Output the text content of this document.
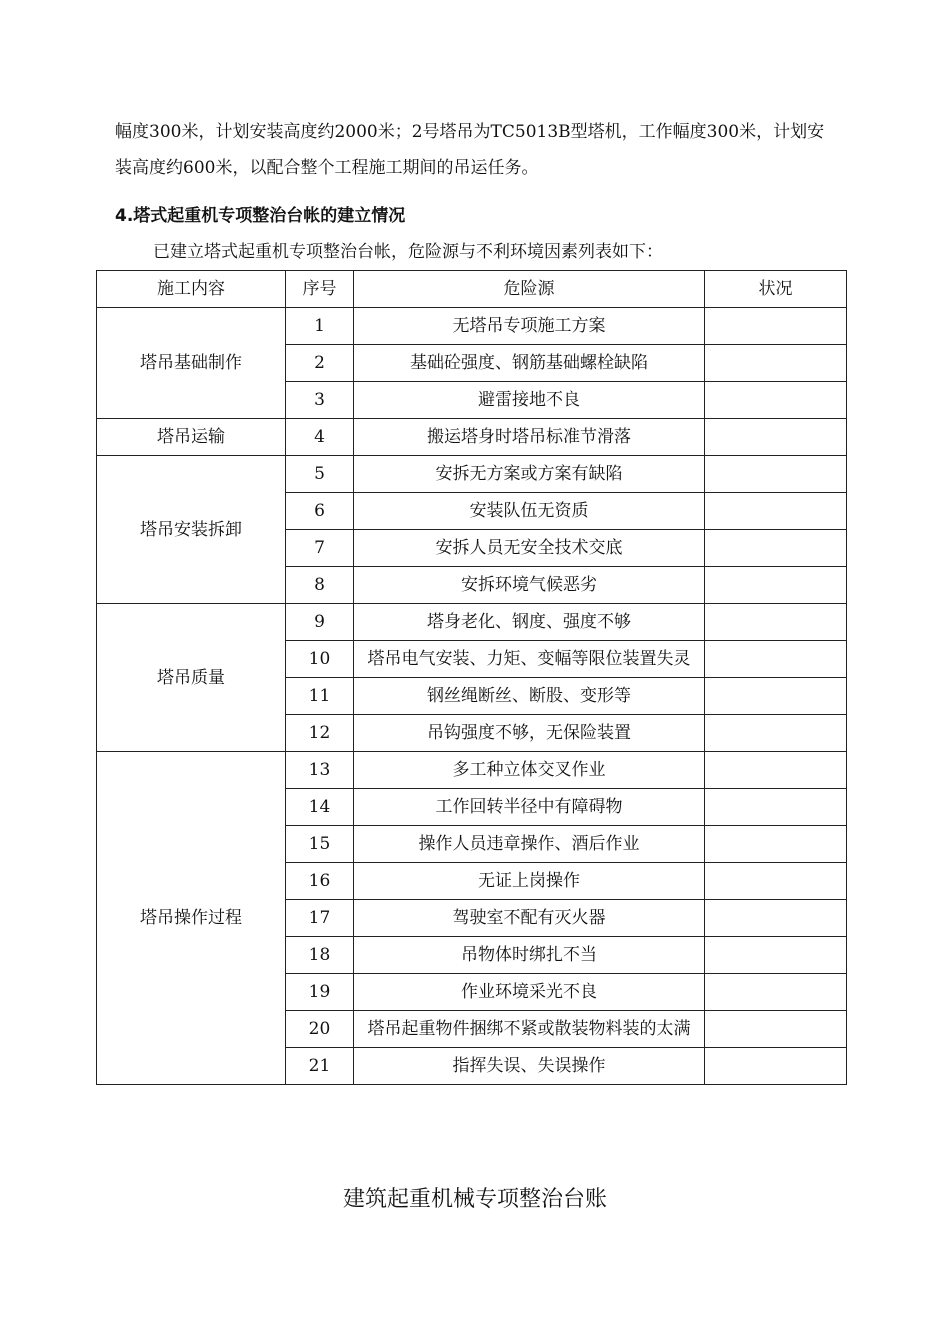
幅度300米，计划安装高度约2000米；2号塔吊为TC5013B型塔机，工作幅度300米，计划安

装高度约600米，以配合整个工程施工期间的吊运任务。

4.塔式起重机专项整治台帐的建立情况

已建立塔式起重机专项整治台帐，危险源与不利环境因素列表如下：

施工内容	序号	危险源	状况
塔吊基础制作	1	无塔吊专项施工方案	
	2	基础砼强度、钢筋基础螺栓缺陷	
	3	避雷接地不良	
塔吊运输	4	搬运塔身时塔吊标准节滑落	
塔吊安装拆卸	5	安拆无方案或方案有缺陷	
	6	安装队伍无资质	
	7	安拆人员无安全技术交底	
	8	安拆环境气候恶劣	
塔吊质量	9	塔身老化、钢度、强度不够	
	10	塔吊电气安装、力矩、变幅等限位装置失灵	
	11	钢丝绳断丝、断股、变形等	
	12	吊钩强度不够，无保险装置	
塔吊操作过程	13	多工种立体交叉作业	
	14	工作回转半径中有障碍物	
	15	操作人员违章操作、酒后作业	
	16	无证上岗操作	
	17	驾驶室不配有灭火器	
	18	吊物体时绑扎不当	
	19	作业环境采光不良	
	20	塔吊起重物件捆绑不紧或散装物料装的太满	
	21	指挥失误、失误操作	

建筑起重机械专项整治台账
